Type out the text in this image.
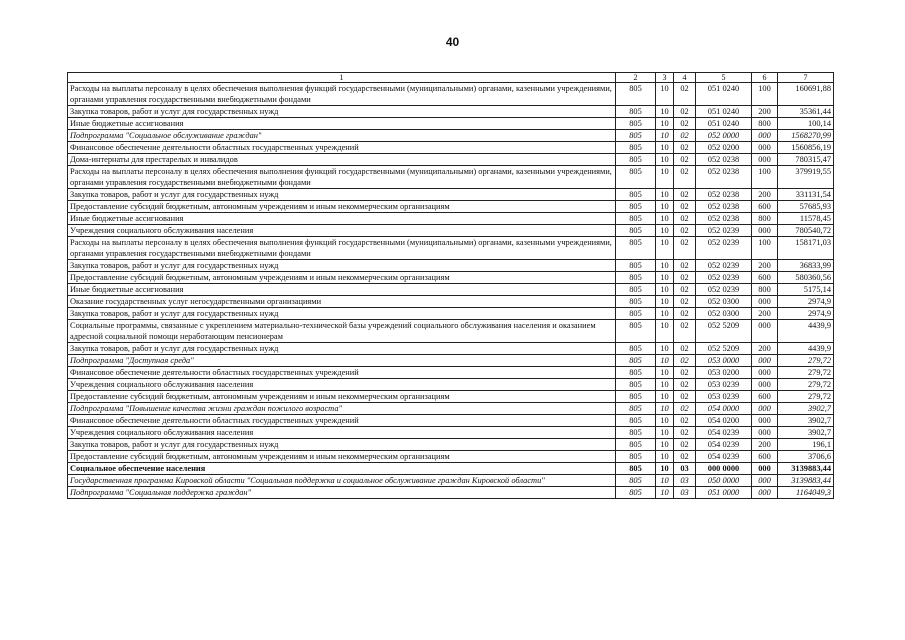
40
1	2	3	4	5	6	7
Расходы на выплаты персоналу в целях обеспечения выполнения функций государственными (муниципальными) органами, казенными учреждениями, органами управления государственными внебюджетными фондами	805	10	02	051 0240	100	160691,88
Закупка товаров, работ и услуг для государственных нужд	805	10	02	051 0240	200	35361,44
Иные бюджетные ассигнования	805	10	02	051 0240	800	100,14
Подпрограмма "Социальное обслуживание граждан"	805	10	02	052 0000	000	1568270,99
Финансовое обеспечение деятельности областных государственных учреждений	805	10	02	052 0200	000	1560856,19
Дома-интернаты для престарелых и инвалидов	805	10	02	052 0238	000	780315,47
Расходы на выплаты персоналу в целях обеспечения выполнения функций государственными (муниципальными) органами, казенными учреждениями, органами управления государственными внебюджетными фондами	805	10	02	052 0238	100	379919,55
Закупка товаров, работ и услуг для государственных нужд	805	10	02	052 0238	200	331131,54
Предоставление субсидий бюджетным, автономным учреждениям и иным некоммерческим организациям	805	10	02	052 0238	600	57685,93
Иные бюджетные ассигнования	805	10	02	052 0238	800	11578,45
Учреждения социального обслуживания населения	805	10	02	052 0239	000	780540,72
Расходы на выплаты персоналу в целях обеспечения выполнения функций государственными (муниципальными) органами, казенными учреждениями, органами управления государственными внебюджетными фондами	805	10	02	052 0239	100	158171,03
Закупка товаров, работ и услуг для государственных нужд	805	10	02	052 0239	200	36833,99
Предоставление субсидий бюджетным, автономным учреждениям и иным некоммерческим организациям	805	10	02	052 0239	600	580360,56
Иные бюджетные ассигнования	805	10	02	052 0239	800	5175,14
Оказание государственных услуг негосударственными организациями	805	10	02	052 0300	000	2974,9
Закупка товаров, работ и услуг для государственных нужд	805	10	02	052 0300	200	2974,9
Социальные программы, связанные с укреплением материально-технической базы учреждений социального обслуживания населения и оказанием адресной социальной помощи неработающим пенсионерам	805	10	02	052 5209	000	4439,9
Закупка товаров, работ и услуг для государственных нужд	805	10	02	052 5209	200	4439,9
Подпрограмма "Доступная среда"	805	10	02	053 0000	000	279,72
Финансовое обеспечение деятельности областных государственных учреждений	805	10	02	053 0200	000	279,72
Учреждения социального обслуживания населения	805	10	02	053 0239	000	279,72
Предоставление субсидий бюджетным, автономным учреждениям и иным некоммерческим организациям	805	10	02	053 0239	600	279,72
Подпрограмма "Повышение качества жизни граждан пожилого возраста"	805	10	02	054 0000	000	3902,7
Финансовое обеспечение деятельности областных государственных учреждений	805	10	02	054 0200	000	3902,7
Учреждения социального обслуживания населения	805	10	02	054 0239	000	3902,7
Закупка товаров, работ и услуг для государственных нужд	805	10	02	054 0239	200	196,1
Предоставление субсидий бюджетным, автономным учреждениям и иным некоммерческим организациям	805	10	02	054 0239	600	3706,6
Социальное обеспечение населения	805	10	03	000 0000	000	3139883,44
Государственная программа Кировской области "Социальная поддержка и социальное обслуживание граждан Кировской области"	805	10	03	050 0000	000	3139883,44
Подпрограмма "Социальная поддержка граждан"	805	10	03	051 0000	000	1164049,3
